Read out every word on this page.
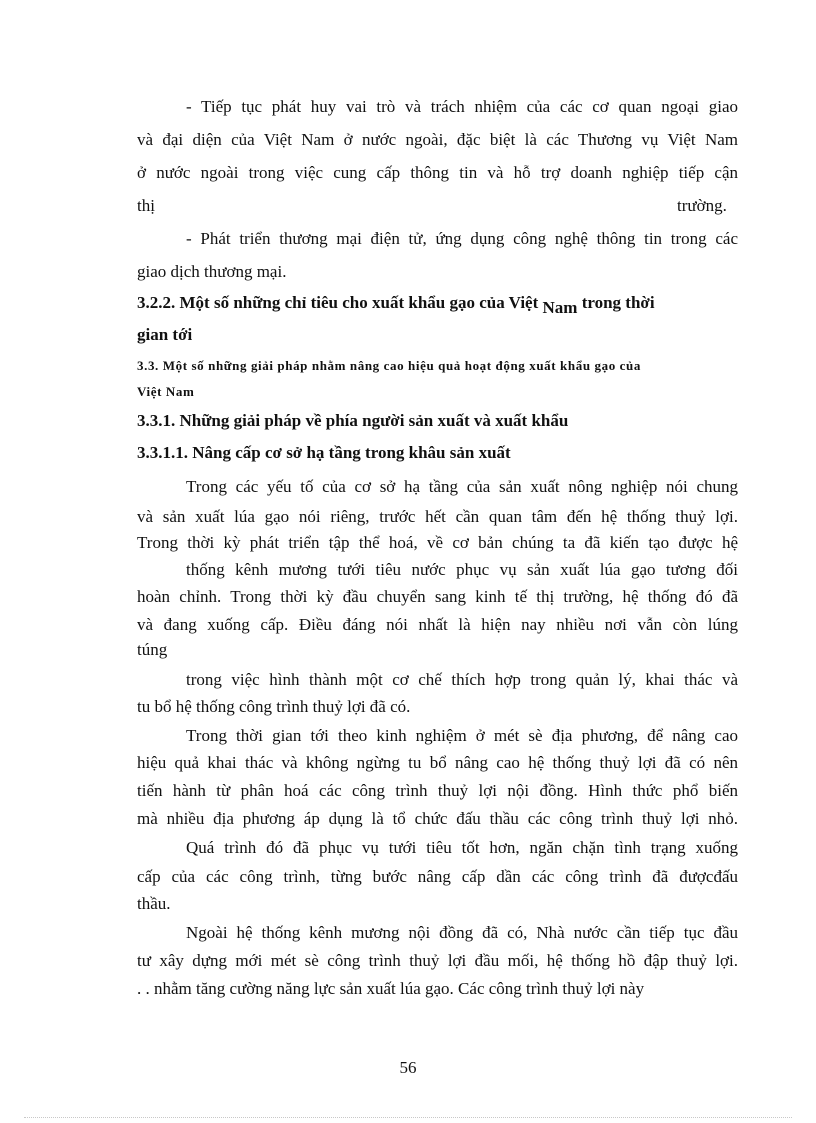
- Tiếp tục phát huy vai trò và trách nhiệm của các cơ quan ngoại giao
và đại diện của Việt Nam ở nước ngoài, đặc biệt là các Thương vụ Việt Nam
ở nước ngoài trong việc cung cấp thông tin và hỗ trợ doanh nghiệp tiếp cận
thị	trường.
- Phát triển thương mại điện tử, ứng dụng công nghệ thông tin trong các
giao dịch thương mại.
3.2.2. Một số những chỉ tiêu cho xuất khẩu gạo của Việt Nam trong thời
gian tới
3.3. Một số những giải pháp nhằm nâng cao hiệu quả hoạt động xuất khẩu gạo của
Việt Nam
3.3.1. Những giải pháp về phía người sản xuất và xuất khẩu
3.3.1.1. Nâng cấp cơ sở hạ tầng trong khâu sản xuất
Trong các yếu tố của cơ sở hạ tầng của sản xuất nông nghiệp nói chung
và sản xuất lúa gạo nói riêng, trước hết cần quan tâm đến hệ thống thuỷ lợi.
Trong thời kỳ phát triển tập thể hoá, về cơ bản chúng ta đã kiến tạo được hệ
thống kênh mương tưới tiêu nước phục vụ sản xuất lúa gạo tương đối
hoàn chỉnh. Trong thời kỳ đầu chuyển sang kinh tế thị trường, hệ thống đó đã
và đang xuống cấp. Điều đáng nói nhất là hiện nay nhiều nơi vẫn còn lúng
túng
trong việc hình thành một cơ chế thích hợp trong quản lý, khai thác và
tu bổ hệ thống công trình thuỷ lợi đã có.
Trong thời gian tới theo kinh nghiệm ở mét sè địa phương, để nâng cao
hiệu quả khai thác và không ngừng tu bổ nâng cao hệ thống thuỷ lợi đã có nên
tiến hành từ phân hoá các công trình thuỷ lợi nội đồng. Hình thức phổ biến
mà nhiều địa phương áp dụng là tổ chức đấu thầu các công trình thuỷ lợi nhỏ.
Quá trình đó đã phục vụ tưới tiêu tốt hơn, ngăn chặn tình trạng xuống
cấp của các công trình, từng bước nâng cấp dần các công trình đã đượcđấu
thầu.
Ngoài hệ thống kênh mương nội đồng đã có, Nhà nước cần tiếp tục đầu
tư xây dựng mới mét sè công trình thuỷ lợi đầu mối, hệ thống hồ đập thuỷ lợi.
. . nhằm tăng cường năng lực sản xuất lúa gạo. Các công trình thuỷ lợi này
56
